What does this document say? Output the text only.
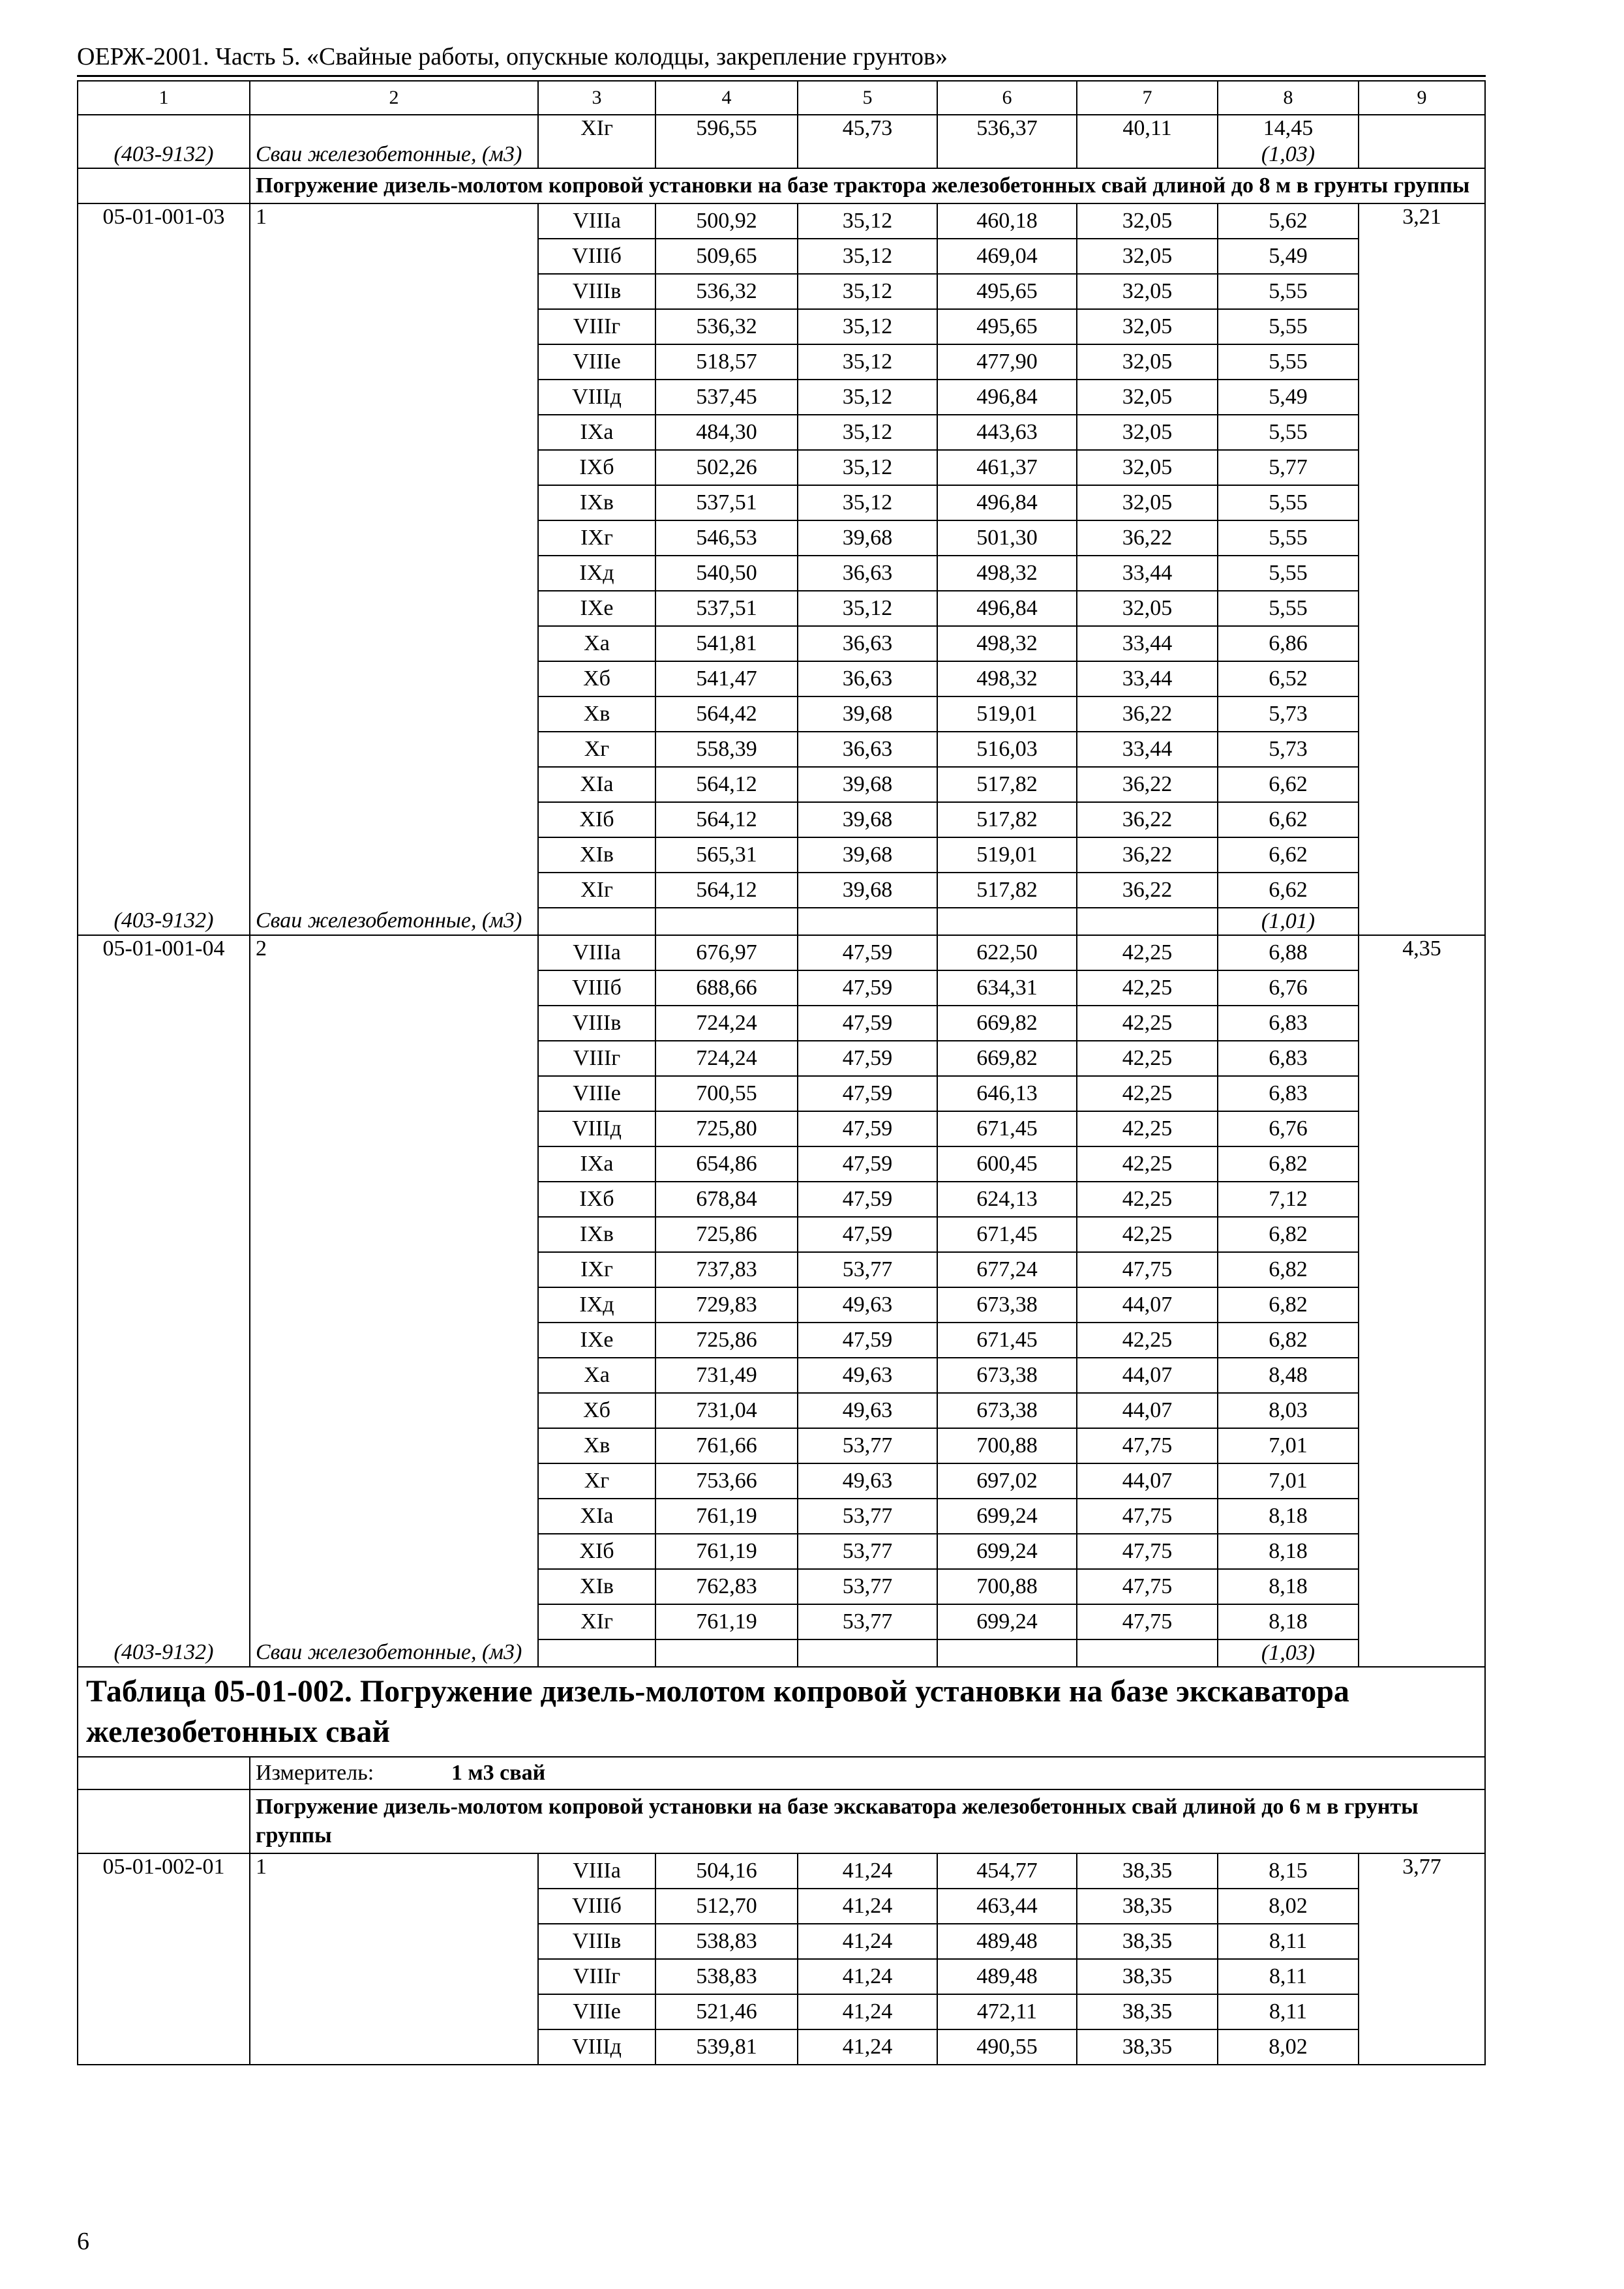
ОЕРЖ-2001. Часть 5. «Свайные работы, опускные колодцы, закрепление грунтов»
1	2	3	4	5	6	7	8	9
		XIг	596,55	45,73	536,37	40,11	14,45	
(403-9132)	Сваи железобетонные, (м3)						(1,03)	
	Погружение дизель-молотом копровой установки на базе трактора железобетонных свай длиной до 8 м в грунты группы							
05-01-001-03	1	VIIIа	500,92	35,12	460,18	32,05	5,62	3,21
		VIIIб	509,65	35,12	469,04	32,05	5,49	
		VIIIв	536,32	35,12	495,65	32,05	5,55	
		VIIIг	536,32	35,12	495,65	32,05	5,55	
		VIIIе	518,57	35,12	477,90	32,05	5,55	
		VIIIд	537,45	35,12	496,84	32,05	5,49	
		IXа	484,30	35,12	443,63	32,05	5,55	
		IXб	502,26	35,12	461,37	32,05	5,77	
		IXв	537,51	35,12	496,84	32,05	5,55	
		IXг	546,53	39,68	501,30	36,22	5,55	
		IXд	540,50	36,63	498,32	33,44	5,55	
		IXе	537,51	35,12	496,84	32,05	5,55	
		Xа	541,81	36,63	498,32	33,44	6,86	
		Xб	541,47	36,63	498,32	33,44	6,52	
		Xв	564,42	39,68	519,01	36,22	5,73	
		Xг	558,39	36,63	516,03	33,44	5,73	
		XIа	564,12	39,68	517,82	36,22	6,62	
		XIб	564,12	39,68	517,82	36,22	6,62	
		XIв	565,31	39,68	519,01	36,22	6,62	
		XIг	564,12	39,68	517,82	36,22	6,62	
(403-9132)	Сваи железобетонные, (м3)						(1,01)	
05-01-001-04	2	VIIIа	676,97	47,59	622,50	42,25	6,88	4,35
		VIIIб	688,66	47,59	634,31	42,25	6,76	
		VIIIв	724,24	47,59	669,82	42,25	6,83	
		VIIIг	724,24	47,59	669,82	42,25	6,83	
		VIIIе	700,55	47,59	646,13	42,25	6,83	
		VIIIд	725,80	47,59	671,45	42,25	6,76	
		IXа	654,86	47,59	600,45	42,25	6,82	
		IXб	678,84	47,59	624,13	42,25	7,12	
		IXв	725,86	47,59	671,45	42,25	6,82	
		IXг	737,83	53,77	677,24	47,75	6,82	
		IXд	729,83	49,63	673,38	44,07	6,82	
		IXе	725,86	47,59	671,45	42,25	6,82	
		Xа	731,49	49,63	673,38	44,07	8,48	
		Xб	731,04	49,63	673,38	44,07	8,03	
		Xв	761,66	53,77	700,88	47,75	7,01	
		Xг	753,66	49,63	697,02	44,07	7,01	
		XIа	761,19	53,77	699,24	47,75	8,18	
		XIб	761,19	53,77	699,24	47,75	8,18	
		XIв	762,83	53,77	700,88	47,75	8,18	
		XIг	761,19	53,77	699,24	47,75	8,18	
(403-9132)	Сваи железобетонные, (м3)						(1,03)	
Таблица 05-01-002. Погружение дизель-молотом копровой установки на базе экскаватора железобетонных свай								
	Измеритель: 1 м3 свай							
	Погружение дизель-молотом копровой установки на базе экскаватора железобетонных свай длиной до 6 м в грунты группы							
05-01-002-01	1	VIIIа	504,16	41,24	454,77	38,35	8,15	3,77
		VIIIб	512,70	41,24	463,44	38,35	8,02	
		VIIIв	538,83	41,24	489,48	38,35	8,11	
		VIIIг	538,83	41,24	489,48	38,35	8,11	
		VIIIе	521,46	41,24	472,11	38,35	8,11	
		VIIIд	539,81	41,24	490,55	38,35	8,02	
6
